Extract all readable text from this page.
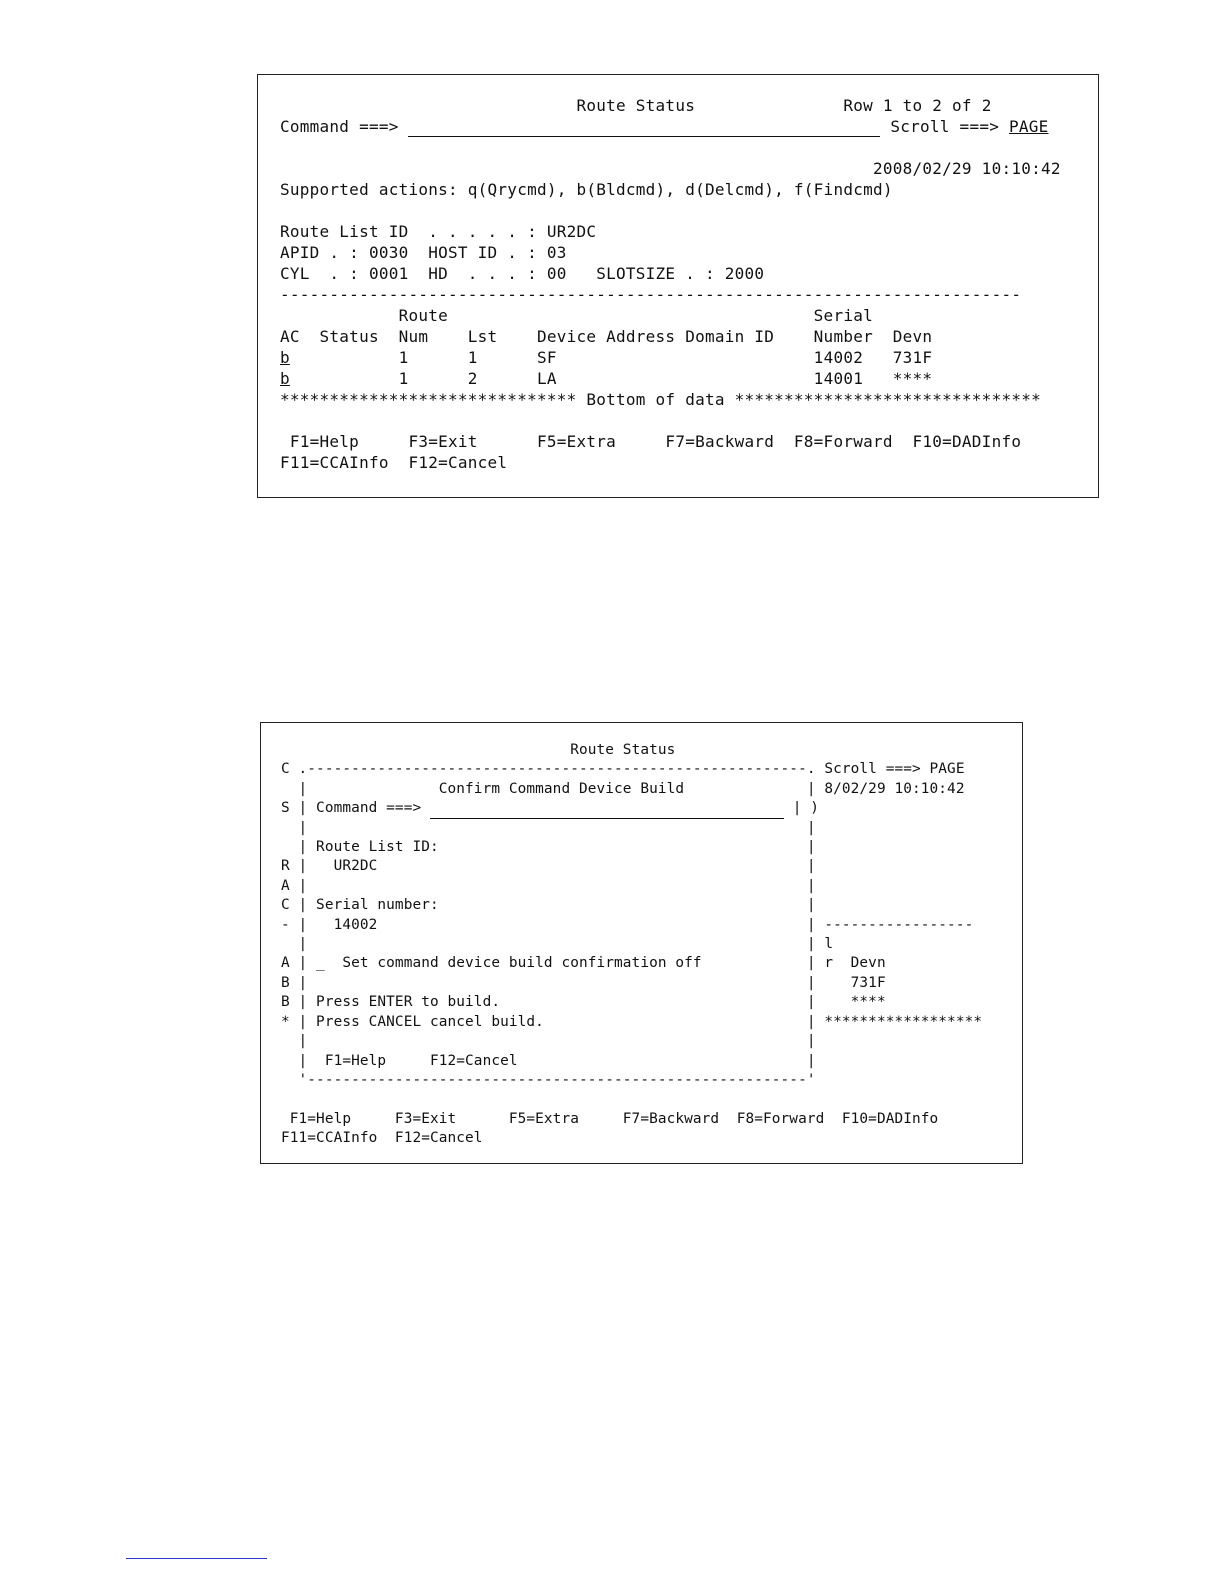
Route Status	Row 1 to 2 of 2
Command ===>	Scroll ===> PAGE

2008/02/29 10:10:42
Supported actions: q(Qrycmd), b(Bldcmd), d(Delcmd), f(Findcmd)

Route List ID  . . . . . : UR2DC
APID . : 0030  HOST ID . : 03
CYL  . : 0001  HD  . . . : 00   SLOTSIZE . : 2000
---------------------------------------------------------------------------
Route                                     Serial
AC  Status  Num    Lst    Device Address Domain ID    Number  Devn
b           1      1      SF                          14002   731F
b           1      2      LA                          14001   ****
****************************** Bottom of data *******************************

F1=Help     F3=Exit      F5=Extra     F7=Backward  F8=Forward  F10=DADInfo
F11=CCAInfo  F12=Cancel
Route Status
C .---------------------------------------------------------. Scroll ===> PAGE
|               Confirm Command Device Build              | 8/02/29 10:10:42
S | Command ===>	| )
|                                                         |
| Route List ID:                                          |
R |   UR2DC                                                 |
A |                                                         |
C | Serial number:                                          |
- |   14002                                                 | -----------------
|                                                         | l
A | _  Set command device build confirmation off            | r  Devn
B |                                                         |    731F
B | Press ENTER to build.                                   |    ****
* | Press CANCEL cancel build.                              | ******************
|                                                         |
|  F1=Help     F12=Cancel                                 |
'---------------------------------------------------------'

F1=Help     F3=Exit      F5=Extra     F7=Backward  F8=Forward  F10=DADInfo
F11=CCAInfo  F12=Cancel
